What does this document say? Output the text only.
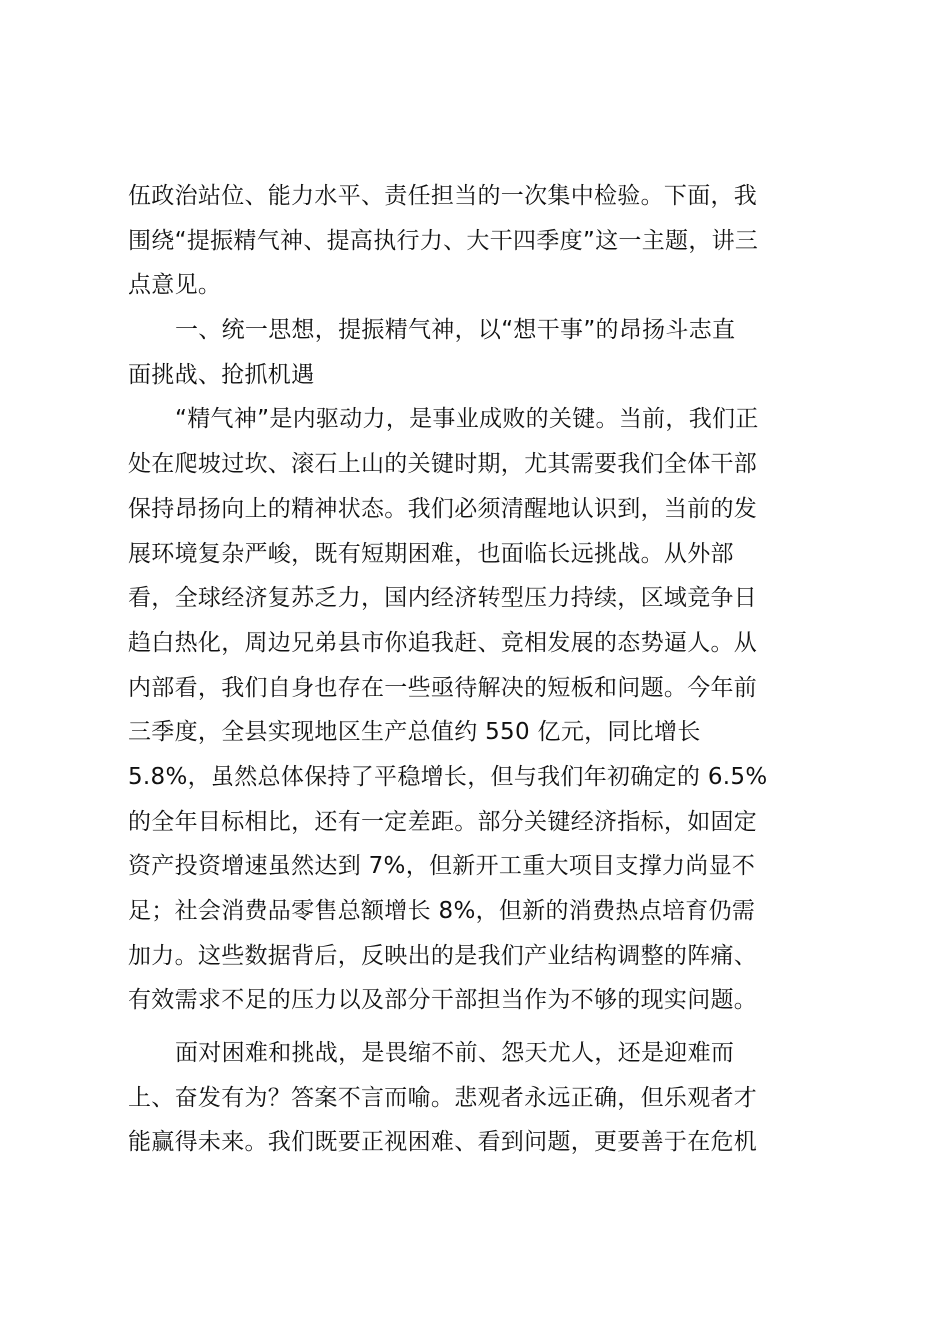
伍政治站位、能力水平、责任担当的一次集中检验。下面，我
围绕“提振精气神、提高执行力、大干四季度”这一主题，讲三
点意见。
一、统一思想，提振精气神，以“想干事”的昂扬斗志直
面挑战、抢抓机遇
“精气神”是内驱动力，是事业成败的关键。当前，我们正
处在爬坡过坎、滚石上山的关键时期，尤其需要我们全体干部
保持昂扬向上的精神状态。我们必须清醒地认识到，当前的发
展环境复杂严峻，既有短期困难，也面临长远挑战。从外部
看，全球经济复苏乏力，国内经济转型压力持续，区域竞争日
趋白热化，周边兄弟县市你追我赶、竞相发展的态势逼人。从
内部看，我们自身也存在一些亟待解决的短板和问题。今年前
三季度，全县实现地区生产总值约 550 亿元，同比增长
5.8%，虽然总体保持了平稳增长，但与我们年初确定的 6.5%
的全年目标相比，还有一定差距。部分关键经济指标，如固定
资产投资增速虽然达到 7%，但新开工重大项目支撑力尚显不
足；社会消费品零售总额增长 8%，但新的消费热点培育仍需
加力。这些数据背后，反映出的是我们产业结构调整的阵痛、
有效需求不足的压力以及部分干部担当作为不够的现实问题。
面对困难和挑战，是畏缩不前、怨天尤人，还是迎难而
上、奋发有为？答案不言而喻。悲观者永远正确，但乐观者才
能赢得未来。我们既要正视困难、看到问题，更要善于在危机
